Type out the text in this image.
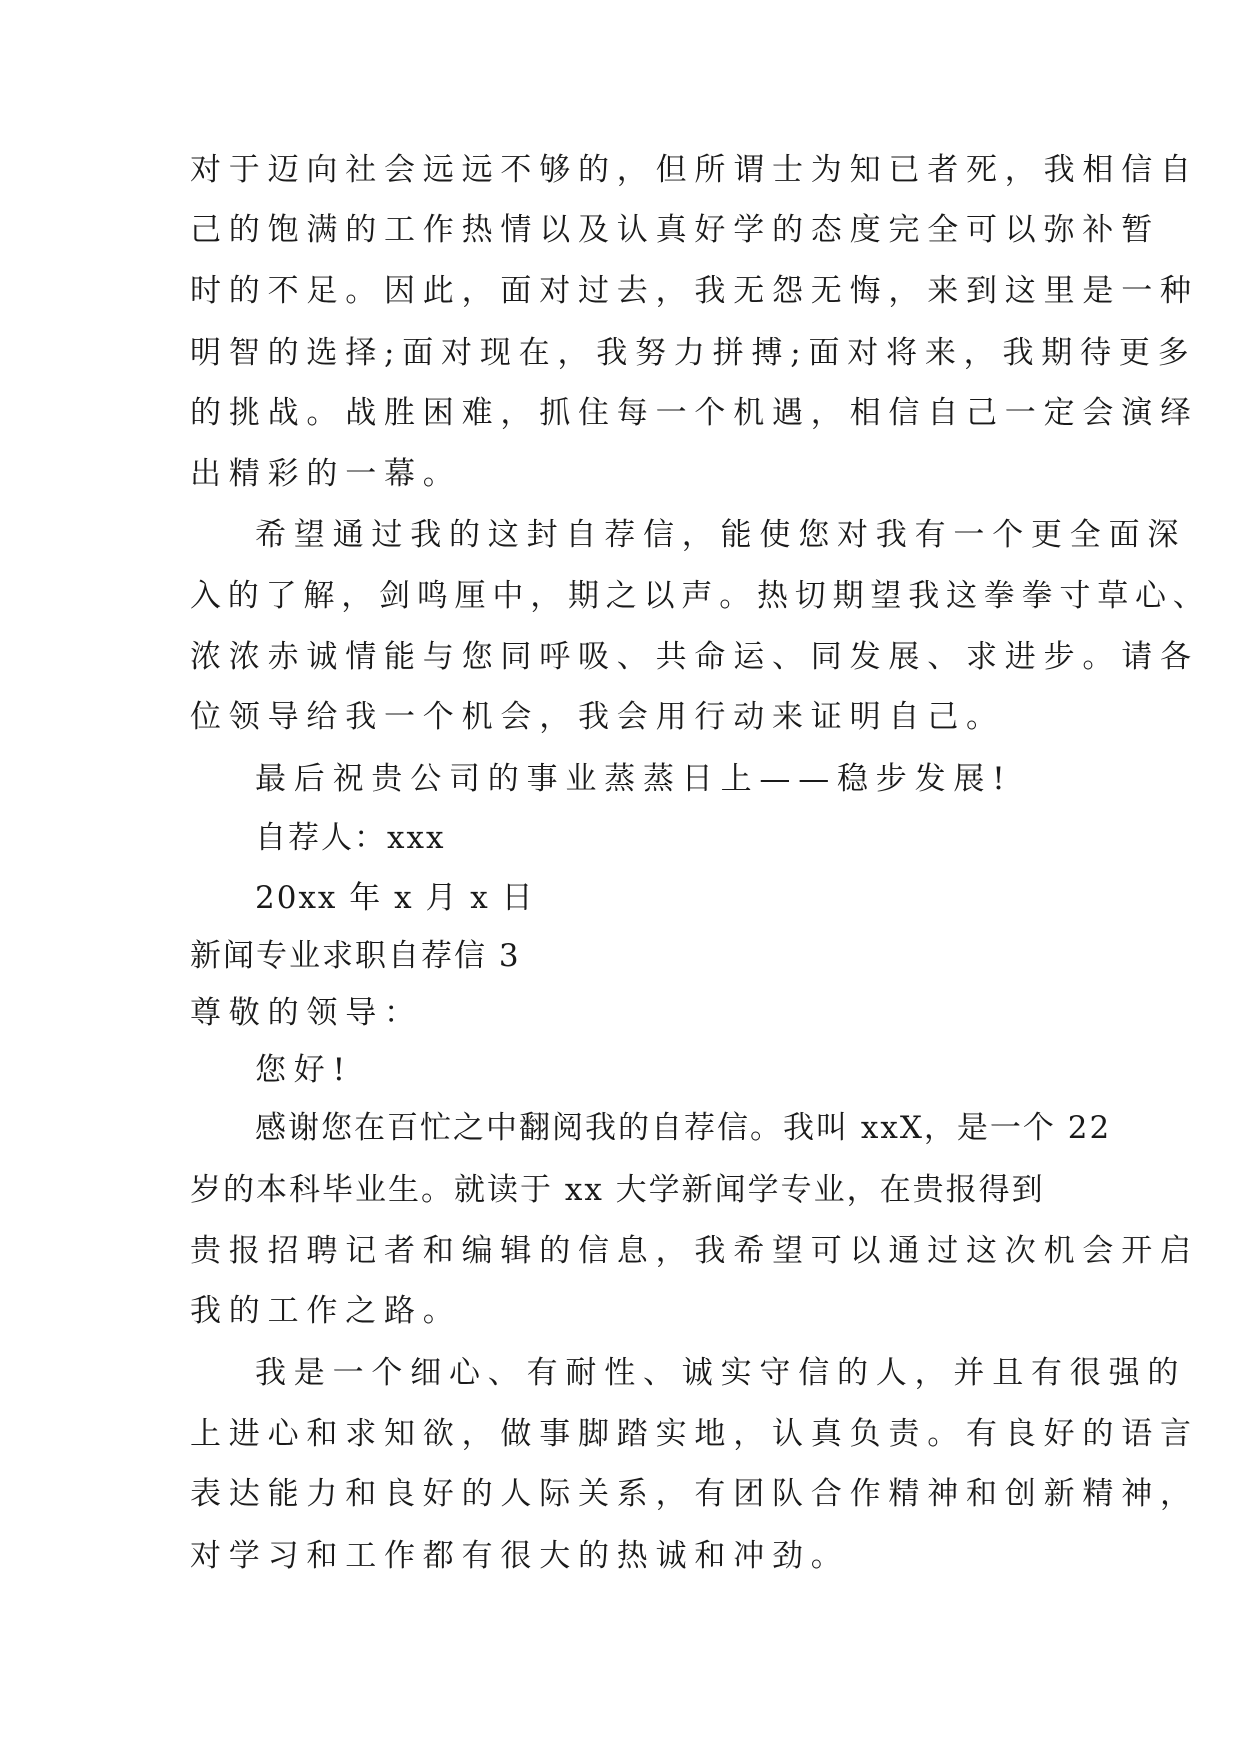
对于迈向社会远远不够的，但所谓士为知已者死，我相信自
己的饱满的工作热情以及认真好学的态度完全可以弥补暂
时的不足。因此，面对过去，我无怨无悔，来到这里是一种
明智的选择;面对现在，我努力拼搏;面对将来，我期待更多
的挑战。战胜困难，抓住每一个机遇，相信自己一定会演绎
出精彩的一幕。
希望通过我的这封自荐信，能使您对我有一个更全面深
入的了解，剑鸣厘中，期之以声。热切期望我这拳拳寸草心、
浓浓赤诚情能与您同呼吸、共命运、同发展、求进步。请各
位领导给我一个机会，我会用行动来证明自己。
最后祝贵公司的事业蒸蒸日上——稳步发展!
自荐人：xxx
20xx 年 x 月 x 日
新闻专业求职自荐信 3
尊敬的领导：
您好!
感谢您在百忙之中翻阅我的自荐信。我叫 xxX，是一个 22
岁的本科毕业生。就读于 xx 大学新闻学专业，在贵报得到
贵报招聘记者和编辑的信息，我希望可以通过这次机会开启
我的工作之路。
我是一个细心、有耐性、诚实守信的人，并且有很强的
上进心和求知欲，做事脚踏实地，认真负责。有良好的语言
表达能力和良好的人际关系，有团队合作精神和创新精神，
对学习和工作都有很大的热诚和冲劲。
